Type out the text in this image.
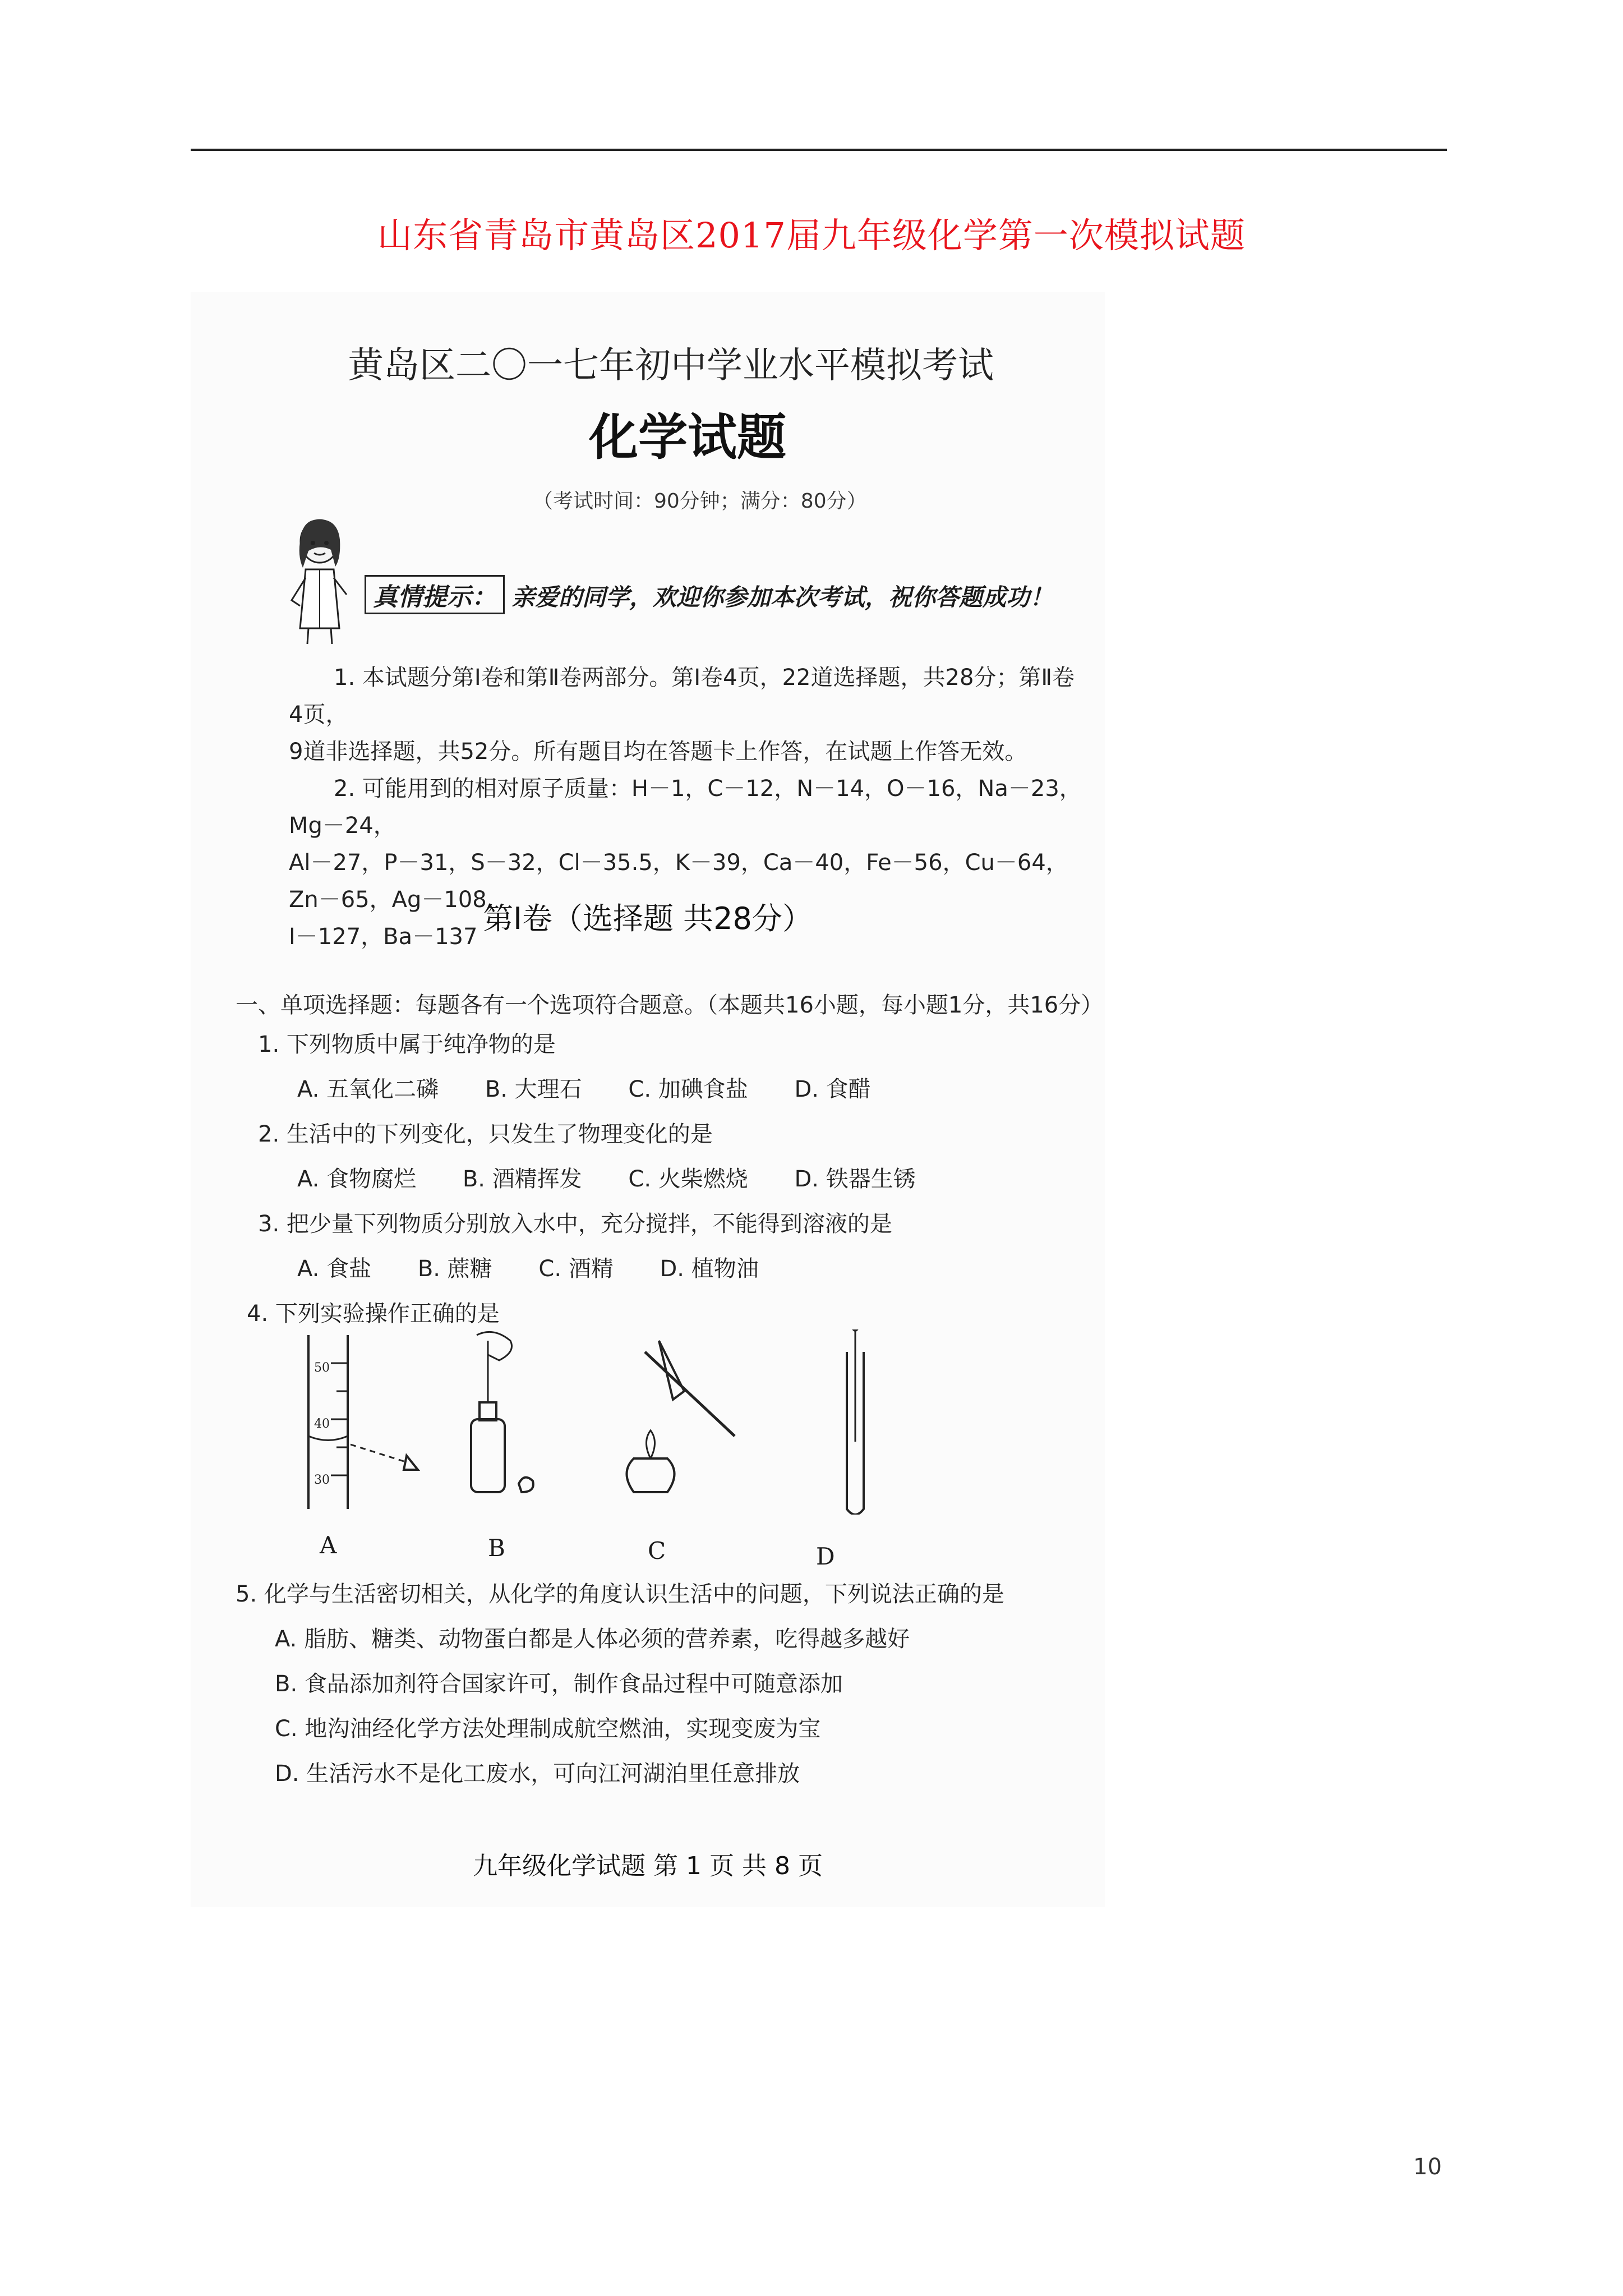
山东省青岛市黄岛区2017届九年级化学第一次模拟试题
黄岛区二〇一七年初中学业水平模拟考试
化学试题
（考试时间：90分钟；满分：80分）
真情提示： 亲爱的同学，欢迎你参加本次考试，祝你答题成功！

1. 本试题分第Ⅰ卷和第Ⅱ卷两部分。第Ⅰ卷4页，22道选择题，共28分；第Ⅱ卷4页，

9道非选择题，共52分。所有题目均在答题卡上作答，在试题上作答无效。

2. 可能用到的相对原子质量：H－1，C－12，N－14，O－16，Na－23，Mg－24，

Al－27，P－31，S－32，Cl－35.5，K－39，Ca－40，Fe－56，Cu－64，Zn－65，Ag－108，

I－127，Ba－137

第Ⅰ卷（选择题 共28分）
一、单项选择题：每题各有一个选项符合题意。（本题共16小题，每小题1分，共16分）
1. 下列物质中属于纯净物的是
A. 五氧化二磷 B. 大理石 C. 加碘食盐 D. 食醋
2. 生活中的下列变化，只发生了物理变化的是
A. 食物腐烂 B. 酒精挥发 C. 火柴燃烧 D. 铁器生锈
3. 把少量下列物质分别放入水中，充分搅拌，不能得到溶液的是
A. 食盐 B. 蔗糖 C. 酒精 D. 植物油
4. 下列实验操作正确的是
5. 化学与生活密切相关，从化学的角度认识生活中的问题，下列说法正确的是
A. 脂肪、糖类、动物蛋白都是人体必须的营养素，吃得越多越好
B. 食品添加剂符合国家许可，制作食品过程中可随意添加
C. 地沟油经化学方法处理制成航空燃油，实现变废为宝
D. 生活污水不是化工废水，可向江河湖泊里任意排放
50
40
30
A	B	C	D
九年级化学试题 第 1 页 共 8 页
10
